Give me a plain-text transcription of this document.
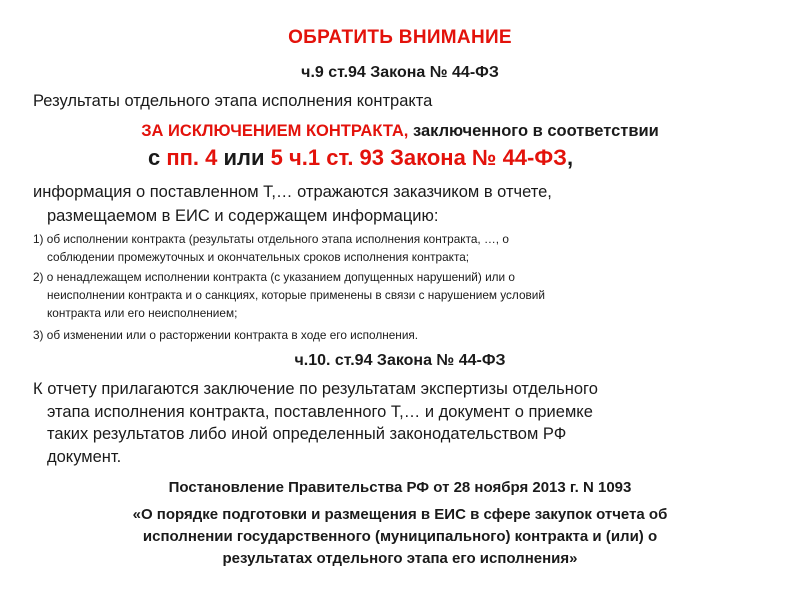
ОБРАТИТЬ ВНИМАНИЕ
ч.9 ст.94 Закона № 44-ФЗ
Результаты отдельного этапа исполнения контракта
ЗА ИСКЛЮЧЕНИЕМ КОНТРАКТА, заключенного в соответствии
с пп. 4 или 5 ч.1 ст. 93 Закона № 44-ФЗ,
информация о поставленном Т,… отражаются заказчиком в отчете,
размещаемом в ЕИС и содержащем информацию:
1) об исполнении контракта (результаты отдельного этапа исполнения контракта, …, о
соблюдении промежуточных и окончательных сроков исполнения контракта;
2) о ненадлежащем исполнении контракта (с указанием допущенных нарушений) или о
неисполнении контракта и о санкциях, которые применены в связи с нарушением условий
контракта или его неисполнением;
3) об изменении или о расторжении контракта в ходе его исполнения.
ч.10. ст.94 Закона № 44-ФЗ
К отчету прилагаются заключение по результатам экспертизы отдельного
этапа исполнения контракта, поставленного Т,… и документ о приемке
таких результатов либо иной определенный законодательством РФ
документ.
Постановление Правительства РФ от 28 ноября 2013 г. N 1093
«О порядке подготовки и размещения в ЕИС в сфере закупок отчета об
исполнении государственного (муниципального) контракта и (или) о
результатах отдельного этапа его исполнения»
